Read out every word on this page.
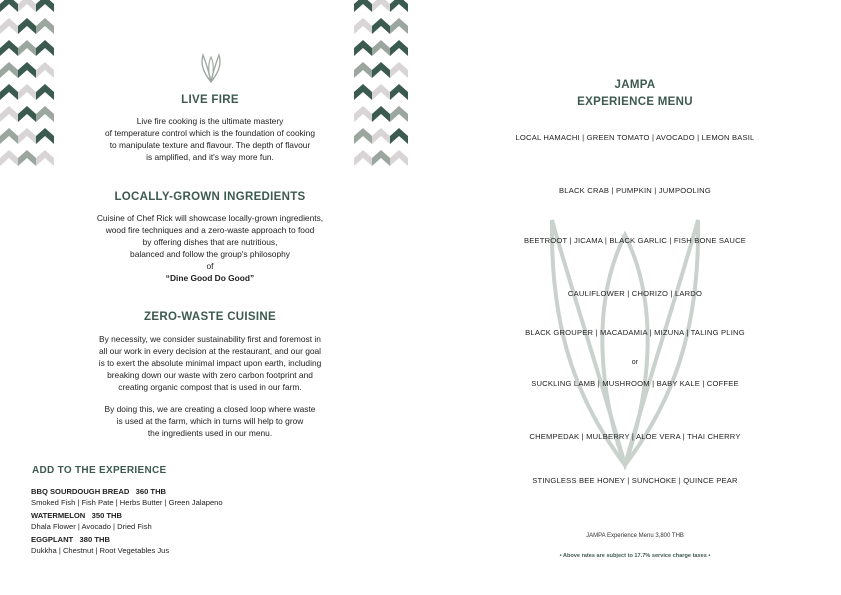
LIVE FIRE
Live fire cooking is the ultimate mastery
of temperature control which is the foundation of cooking
to manipulate texture and flavour. The depth of flavour
is amplified, and it's way more fun.
LOCALLY-GROWN INGREDIENTS
Cuisine of Chef Rick will showcase locally-grown ingredients,
wood fire techniques and a zero-waste approach to food
by offering dishes that are nutritious,
balanced and follow the group's philosophy
of
“Dine Good Do Good”
ZERO-WASTE CUISINE
By necessity, we consider sustainability first and foremost in
all our work in every decision at the restaurant, and our goal
is to exert the absolute minimal impact upon earth, including
breaking down our waste with zero carbon footprint and
creating organic compost that is used in our farm.
By doing this, we are creating a closed loop where waste
is used at the farm, which in turns will help to grow
the ingredients used in our menu.
ADD TO THE EXPERIENCE
BBQ SOURDOUGH BREAD 360 THB
Smoked Fish | Fish Pate | Herbs Butter | Green Jalapeno
WATERMELON 350 THB
Dhala Flower | Avocado | Dried Fish
EGGPLANT 380 THB
Dukkha | Chestnut | Root Vegetables Jus
JAMPA
EXPERIENCE MENU
LOCAL HAMACHI | GREEN TOMATO | AVOCADO | LEMON BASIL
BLACK CRAB | PUMPKIN | JUMPOOLING
BEETROOT | JICAMA | BLACK GARLIC | FISH BONE SAUCE
CAULIFLOWER | CHORIZO | LARDO
BLACK GROUPER | MACADAMIA | MIZUNA | TALING PLING
or
SUCKLING LAMB | MUSHROOM | BABY KALE | COFFEE
CHEMPEDAK | MULBERRY | ALOE VERA | THAI CHERRY
STINGLESS BEE HONEY | SUNCHOKE | QUINCE PEAR
JAMPA Experience Menu 3,800 THB
• Above rates are subject to 17.7% service charge taxes •
